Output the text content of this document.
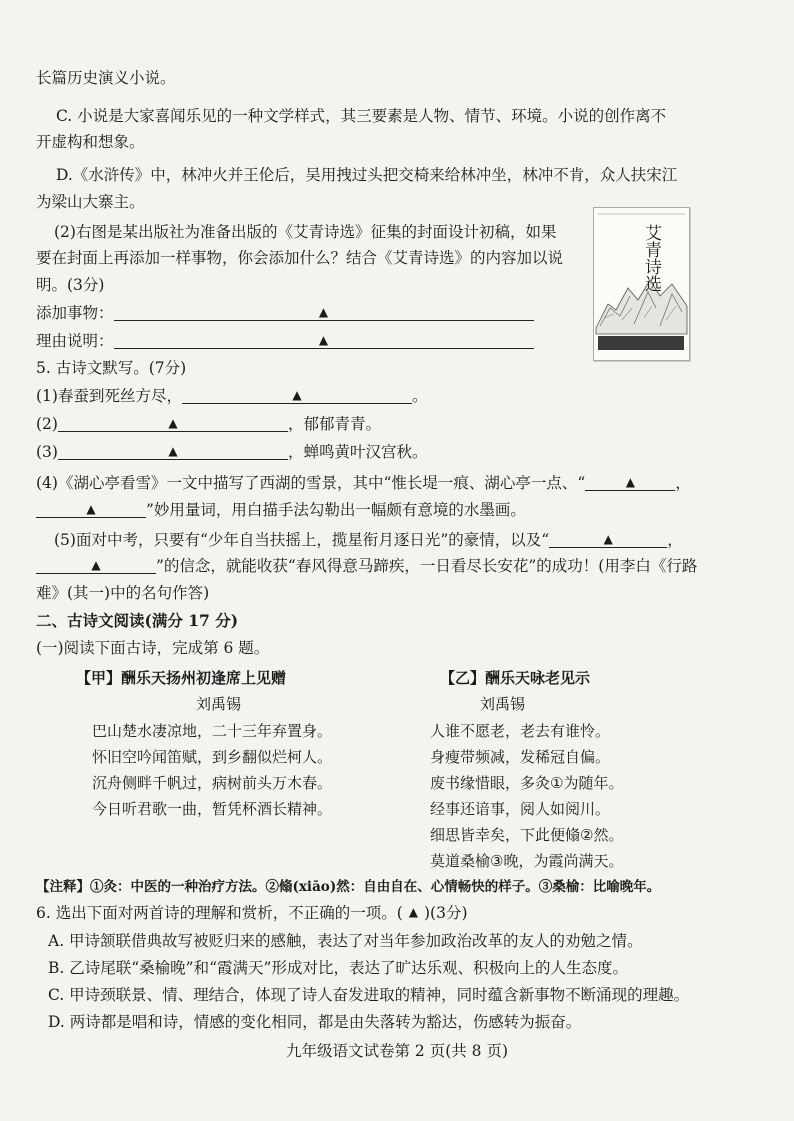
长篇历史演义小说。
C. 小说是大家喜闻乐见的一种文学样式，其三要素是人物、情节、环境。小说的创作离不
开虚构和想象。
D.《水浒传》中，林冲火并王伦后，吴用拽过头把交椅来给林冲坐，林冲不肯，众人扶宋江
为梁山大寨主。
(2)右图是某出版社为准备出版的《艾青诗选》征集的封面设计初稿，如果
要在封面上再添加一样事物，你会添加什么？结合《艾青诗选》的内容加以说
明。(3分)
添加事物：	▲
理由说明：	▲
艾青诗选
5. 古诗文默写。(7分)
(1)春蚕到死丝方尽，	▲	。
(2)	▲	，郁郁青青。
(3)	▲	，蝉鸣黄叶汉宫秋。
(4)《湖心亭看雪》一文中描写了西湖的雪景，其中“惟长堤一痕、湖心亭一点、“	▲	，
▲	”妙用量词，用白描手法勾勒出一幅颇有意境的水墨画。
(5)面对中考，只要有“少年自当扶摇上，揽星衔月逐日光”的豪情，以及“	▲	，
▲	”的信念，就能收获“春风得意马蹄疾，一日看尽长安花”的成功！(用李白《行路
难》(其一)中的名句作答)
二、古诗文阅读(满分 17 分)
(一)阅读下面古诗，完成第 6 题。
【甲】酬乐天扬州初逢席上见赠
刘禹锡
巴山楚水凄凉地，二十三年弃置身。
怀旧空吟闻笛赋，到乡翻似烂柯人。
沉舟侧畔千帆过，病树前头万木春。
今日听君歌一曲，暂凭杯酒长精神。
【乙】酬乐天咏老见示
刘禹锡
人谁不愿老，老去有谁怜。
身瘦带频减，发稀冠自偏。
废书缘惜眼，多灸①为随年。
经事还谙事，阅人如阅川。
细思皆幸矣，下此便翛②然。
莫道桑榆③晚，为霞尚满天。
【注释】①灸：中医的一种治疗方法。②翛(xiāo)然：自由自在、心情畅快的样子。③桑榆：比喻晚年。
6. 选出下面对两首诗的理解和赏析，不正确的一项。( ▲ )(3分)
A. 甲诗颔联借典故写被贬归来的感触，表达了对当年参加政治改革的友人的劝勉之情。
B. 乙诗尾联“桑榆晚”和“霞满天”形成对比，表达了旷达乐观、积极向上的人生态度。
C. 甲诗颈联景、情、理结合，体现了诗人奋发进取的精神，同时蕴含新事物不断涌现的理趣。
D. 两诗都是唱和诗，情感的变化相同，都是由失落转为豁达，伤感转为振奋。
九年级语文试卷第 2 页(共 8 页)
